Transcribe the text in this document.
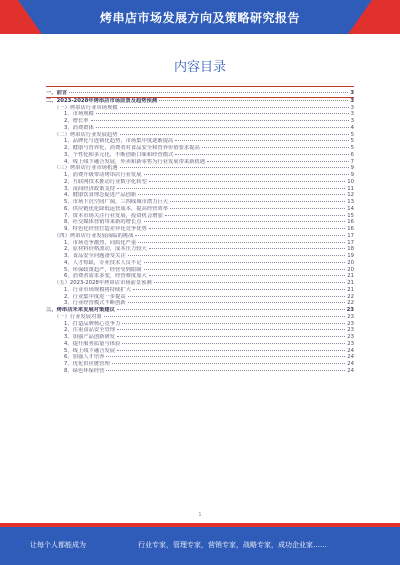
烤串店市场发展方向及策略研究报告
内容目录
一、前言	3
二、2023-2028年烤串店市场前景及趋势预测	3
（一）烤串店行业市场规模	3
1、市场规模	3
2、增长率	3
3、消费群体	4
（二）烤串店行业发展趋势	5
1、品牌化与连锁化趋势，市场集中度逐渐提高	5
2、健康与营养化，消费者对食品安全和营养价值要求提高	5
3、个性化和多元化，不断创新口味和经营模式	6
4、线上线下融合发展，外卖和新零售为行业发展带来新机遇	7
（三）烤串店行业市场机遇	9
1、消费升级带动烤串店行业发展	9
2、互联网技术推动行业数字化转型	10
3、夜间经济政策支持	11
4、健康饮食理念促进产品创新	12
5、市场下沉空间广阔，三四线城市潜力巨大	13
6、供应链优化降低运营成本，提高经营效率	14
7、资本市场关注行业发展，投资机会增加	15
8、社交媒体营销带来新的增长点	16
9、特色化经营打造差异化竞争优势	16
（四）烤串店行业发展面临的挑战	17
1、市场竞争激烈，同质化严重	17
2、原材料价格波动，成本压力较大	18
3、食品安全问题备受关注	19
4、人才短缺，专业技术人员不足	20
5、环保政策趋严，经营受到限制	20
6、消费者需求多变，经营难度加大	21
（五）2023-2028年烤串店市场前景预测	21
1、行业市场规模将持续扩大	21
2、行业集中度进一步提高	22
3、行业经营模式不断创新	22
三、烤串店未来发展对策建议	23
（一）行业发展对策	23
1、打造品牌核心竞争力	23
2、注重食品安全管理	23
3、加强产品创新研发	23
4、提升服务质量与体验	23
5、线上线下融合发展	24
6、加强人才培养	24
7、优化供应链管理	24
8、绿色环保经营	24
1
让每个人都能成为	行业专家，管理专家，营销专家，战略专家，成功企业家……
